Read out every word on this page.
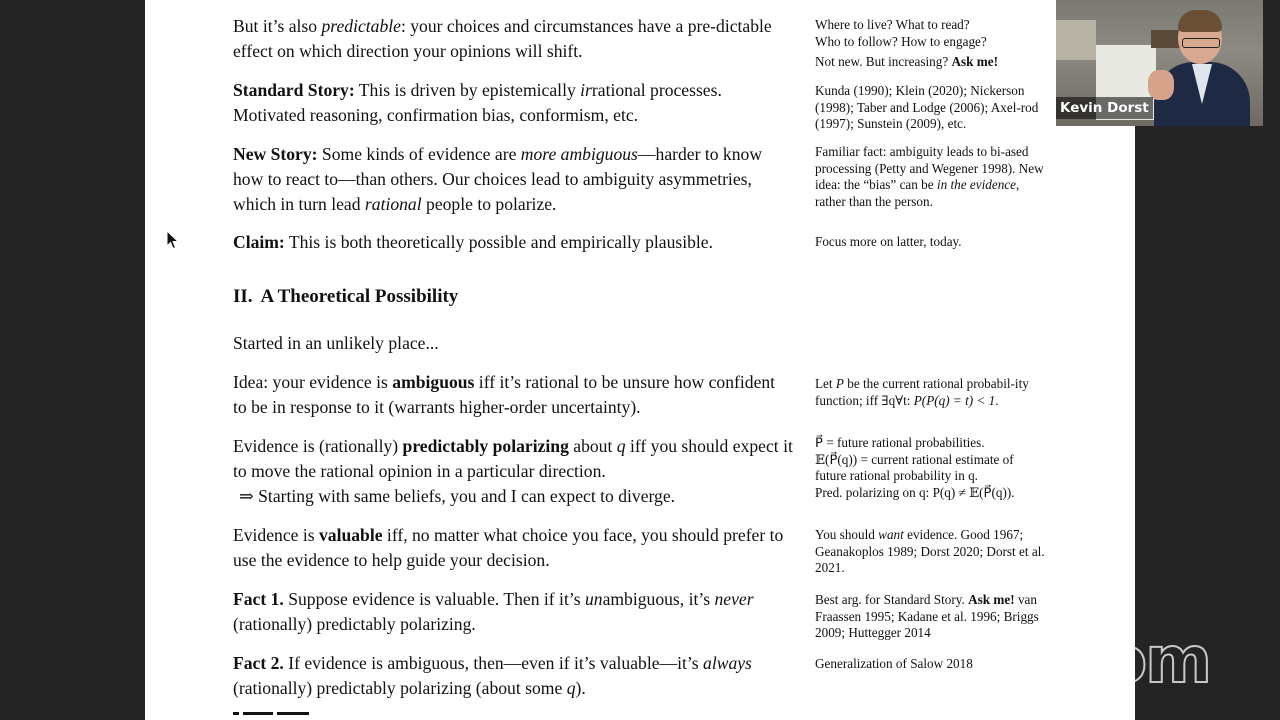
But it’s also predictable: your choices and circumstances have a pre-dictable effect on which direction your opinions will shift.

Standard Story: This is driven by epistemically irrational processes. Motivated reasoning, confirmation bias, conformism, etc.

New Story: Some kinds of evidence are more ambiguous—harder to know how to react to—than others. Our choices lead to ambiguity asymmetries, which in turn lead rational people to polarize.

Claim: This is both theoretically possible and empirically plausible.

II. A Theoretical Possibility

Started in an unlikely place...

Idea: your evidence is ambiguous iff it’s rational to be unsure how confident to be in response to it (warrants higher-order uncertainty).

Evidence is (rationally) predictably polarizing about q iff you should expect it to move the rational opinion in a particular direction.

⇒ Starting with same beliefs, you and I can expect to diverge.

Evidence is valuable iff, no matter what choice you face, you should prefer to use the evidence to help guide your decision.

Fact 1. Suppose evidence is valuable. Then if it’s unambiguous, it’s never (rationally) predictably polarizing.

Fact 2. If evidence is ambiguous, then—even if it’s valuable—it’s always (rationally) predictably polarizing (about some q).

Where to live? What to read?

Who to follow? How to engage?

Not new. But increasing? Ask me!

Kunda (1990); Klein (2020); Nickerson (1998); Taber and Lodge (2006); Axel-rod (1997); Sunstein (2009), etc.

Familiar fact: ambiguity leads to bi-ased processing (Petty and Wegener 1998). New idea: the “bias” can be in the evidence, rather than the person.

Focus more on latter, today.

Let P be the current rational probabil-ity function; iff ∃q∀t: P(P(q) = t) < 1.

P⃗ = future rational probabilities.

𝔼(P⃗(q)) = current rational estimate of future rational probability in q.

Pred. polarizing on q: P(q) ≠ 𝔼(P⃗(q)).

You should want evidence. Good 1967; Geanakoplos 1989; Dorst 2020; Dorst et al. 2021.

Best arg. for Standard Story. Ask me! van Fraassen 1995; Kadane et al. 1996; Briggs 2009; Huttegger 2014

Generalization of Salow 2018

Kevin Dorst
zoom
